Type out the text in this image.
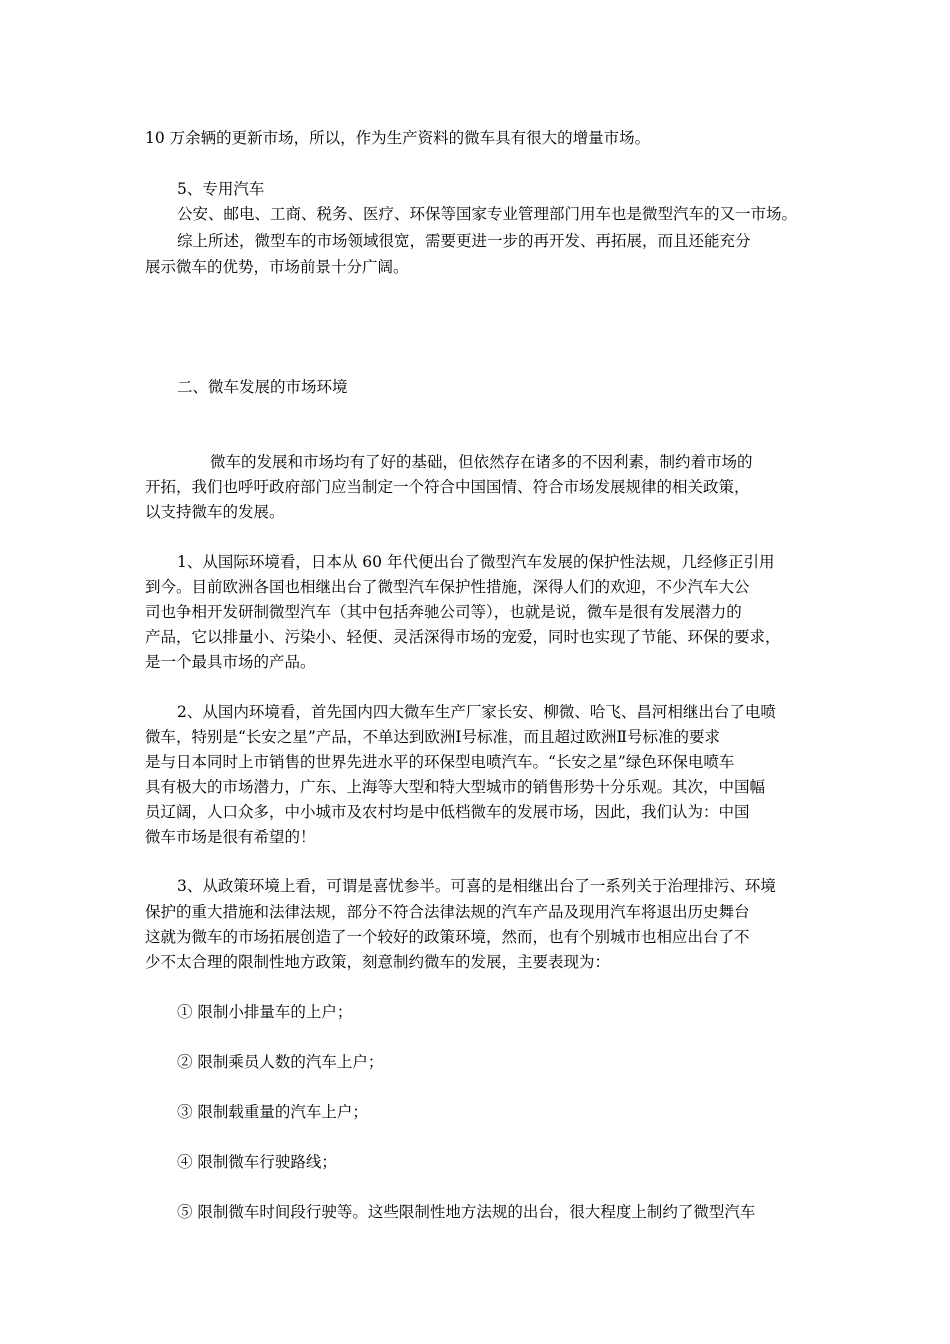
10 万余辆的更新市场，所以，作为生产资料的微车具有很大的增量市场。
5、专用汽车
公安、邮电、工商、税务、医疗、环保等国家专业管理部门用车也是微型汽车的又一市场。
综上所述，微型车的市场领域很宽，需要更进一步的再开发、再拓展，而且还能充分
展示微车的优势，市场前景十分广阔。
二、微车发展的市场环境
微车的发展和市场均有了好的基础，但依然存在诸多的不因利素，制约着市场的
开拓，我们也呼吁政府部门应当制定一个符合中国国情、符合市场发展规律的相关政策，
以支持微车的发展。
1、从国际环境看，日本从 60 年代便出台了微型汽车发展的保护性法规，几经修正引用
到今。目前欧洲各国也相继出台了微型汽车保护性措施，深得人们的欢迎，不少汽车大公
司也争相开发研制微型汽车（其中包括奔驰公司等），也就是说，微车是很有发展潜力的
产品，它以排量小、污染小、轻便、灵活深得市场的宠爱，同时也实现了节能、环保的要求，
是一个最具市场的产品。
2、从国内环境看，首先国内四大微车生产厂家长安、柳微、哈飞、昌河相继出台了电喷
微车，特别是“长安之星”产品，不单达到欧洲Ⅰ号标准，而且超过欧洲Ⅱ号标准的要求
是与日本同时上市销售的世界先进水平的环保型电喷汽车。“长安之星”绿色环保电喷车
具有极大的市场潜力，广东、上海等大型和特大型城市的销售形势十分乐观。其次，中国幅
员辽阔，人口众多，中小城市及农村均是中低档微车的发展市场，因此，我们认为：中国
微车市场是很有希望的！
3、从政策环境上看，可谓是喜忧参半。可喜的是相继出台了一系列关于治理排污、环境
保护的重大措施和法律法规，部分不符合法律法规的汽车产品及现用汽车将退出历史舞台
这就为微车的市场拓展创造了一个较好的政策环境，然而，也有个别城市也相应出台了不
少不太合理的限制性地方政策，刻意制约微车的发展，主要表现为：
① 限制小排量车的上户；
② 限制乘员人数的汽车上户；
③ 限制载重量的汽车上户；
④ 限制微车行驶路线；
⑤ 限制微车时间段行驶等。这些限制性地方法规的出台，很大程度上制约了微型汽车
